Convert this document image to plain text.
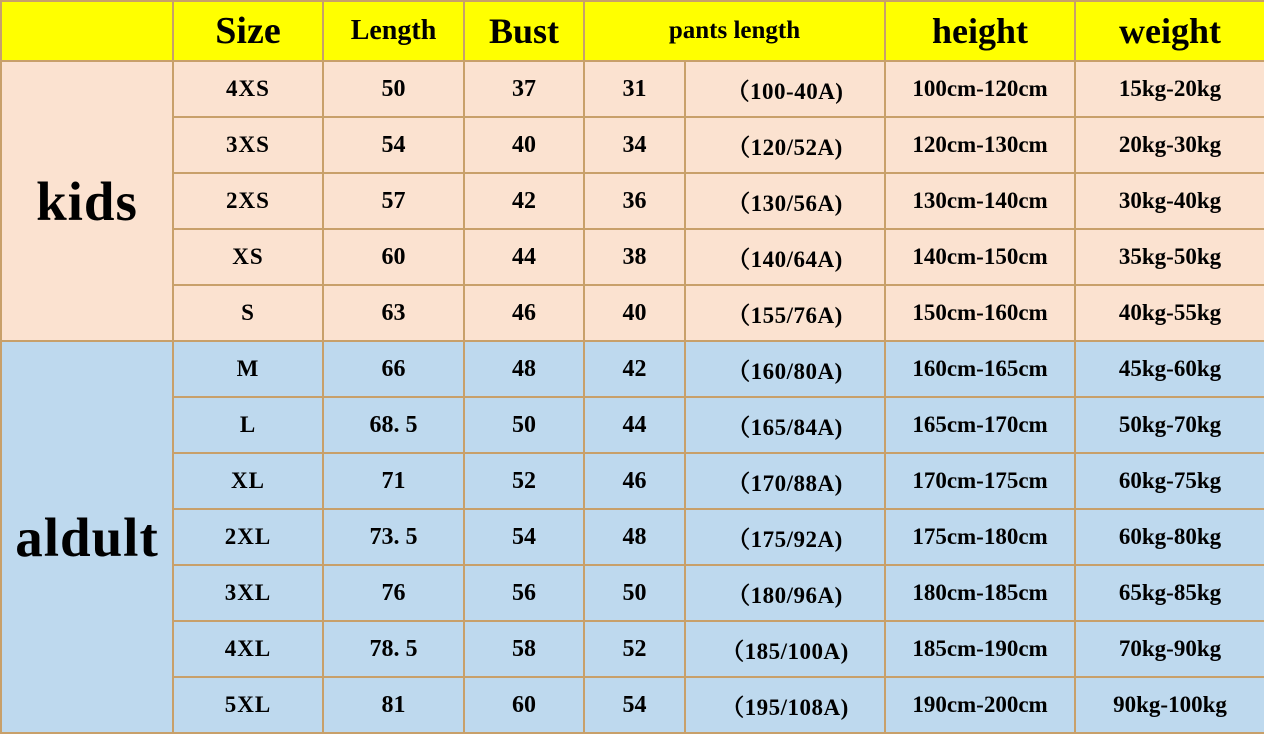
	Size	Length	Bust	pants length		height	weight
kids	4XS	50	37	31	（100-40A)	100cm-120cm	15kg-20kg
	3XS	54	40	34	（120/52A)	120cm-130cm	20kg-30kg
	2XS	57	42	36	（130/56A)	130cm-140cm	30kg-40kg
	XS	60	44	38	（140/64A)	140cm-150cm	35kg-50kg
	S	63	46	40	（155/76A)	150cm-160cm	40kg-55kg
aldult	M	66	48	42	（160/80A)	160cm-165cm	45kg-60kg
	L	68. 5	50	44	（165/84A)	165cm-170cm	50kg-70kg
	XL	71	52	46	（170/88A)	170cm-175cm	60kg-75kg
	2XL	73. 5	54	48	（175/92A)	175cm-180cm	60kg-80kg
	3XL	76	56	50	（180/96A)	180cm-185cm	65kg-85kg
	4XL	78. 5	58	52	（185/100A)	185cm-190cm	70kg-90kg
	5XL	81	60	54	（195/108A)	190cm-200cm	90kg-100kg
